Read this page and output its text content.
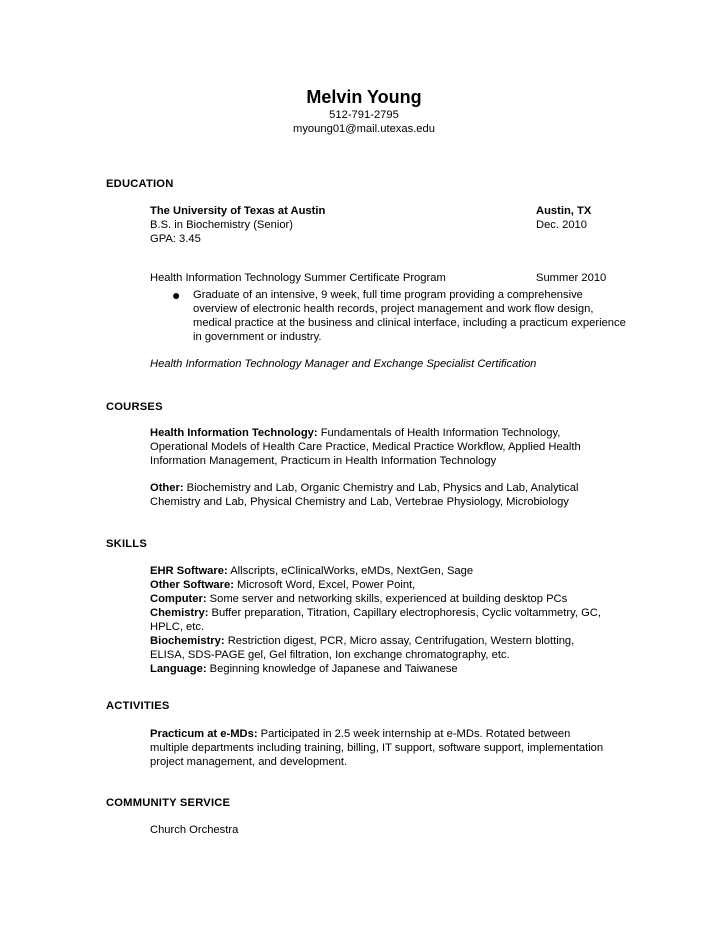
Melvin Young
512-791-2795
myoung01@mail.utexas.edu
EDUCATION
The University of Texas at Austin	Austin, TX
B.S. in Biochemistry (Senior)	Dec. 2010
GPA: 3.45
Health Information Technology Summer Certificate Program	Summer 2010
● Graduate of an intensive, 9 week, full time program providing a comprehensive overview of electronic health records, project management and work flow design, medical practice at the business and clinical interface, including a practicum experience in government or industry.
Health Information Technology Manager and Exchange Specialist Certification
COURSES
Health Information Technology: Fundamentals of Health Information Technology, Operational Models of Health Care Practice, Medical Practice Workflow, Applied Health Information Management, Practicum in Health Information Technology
Other: Biochemistry and Lab, Organic Chemistry and Lab, Physics and Lab, Analytical Chemistry and Lab, Physical Chemistry and Lab, Vertebrae Physiology, Microbiology
SKILLS

EHR Software: Allscripts, eClinicalWorks, eMDs, NextGen, Sage

Other Software: Microsoft Word, Excel, Power Point,

Computer: Some server and networking skills, experienced at building desktop PCs

Chemistry: Buffer preparation, Titration, Capillary electrophoresis, Cyclic voltammetry, GC, HPLC, etc.

Biochemistry: Restriction digest, PCR, Micro assay, Centrifugation, Western blotting, ELISA, SDS-PAGE gel, Gel filtration, Ion exchange chromatography, etc.

Language: Beginning knowledge of Japanese and Taiwanese

ACTIVITIES
Practicum at e-MDs: Participated in 2.5 week internship at e-MDs. Rotated between multiple departments including training, billing, IT support, software support, implementation project management, and development.
COMMUNITY SERVICE
Church Orchestra
